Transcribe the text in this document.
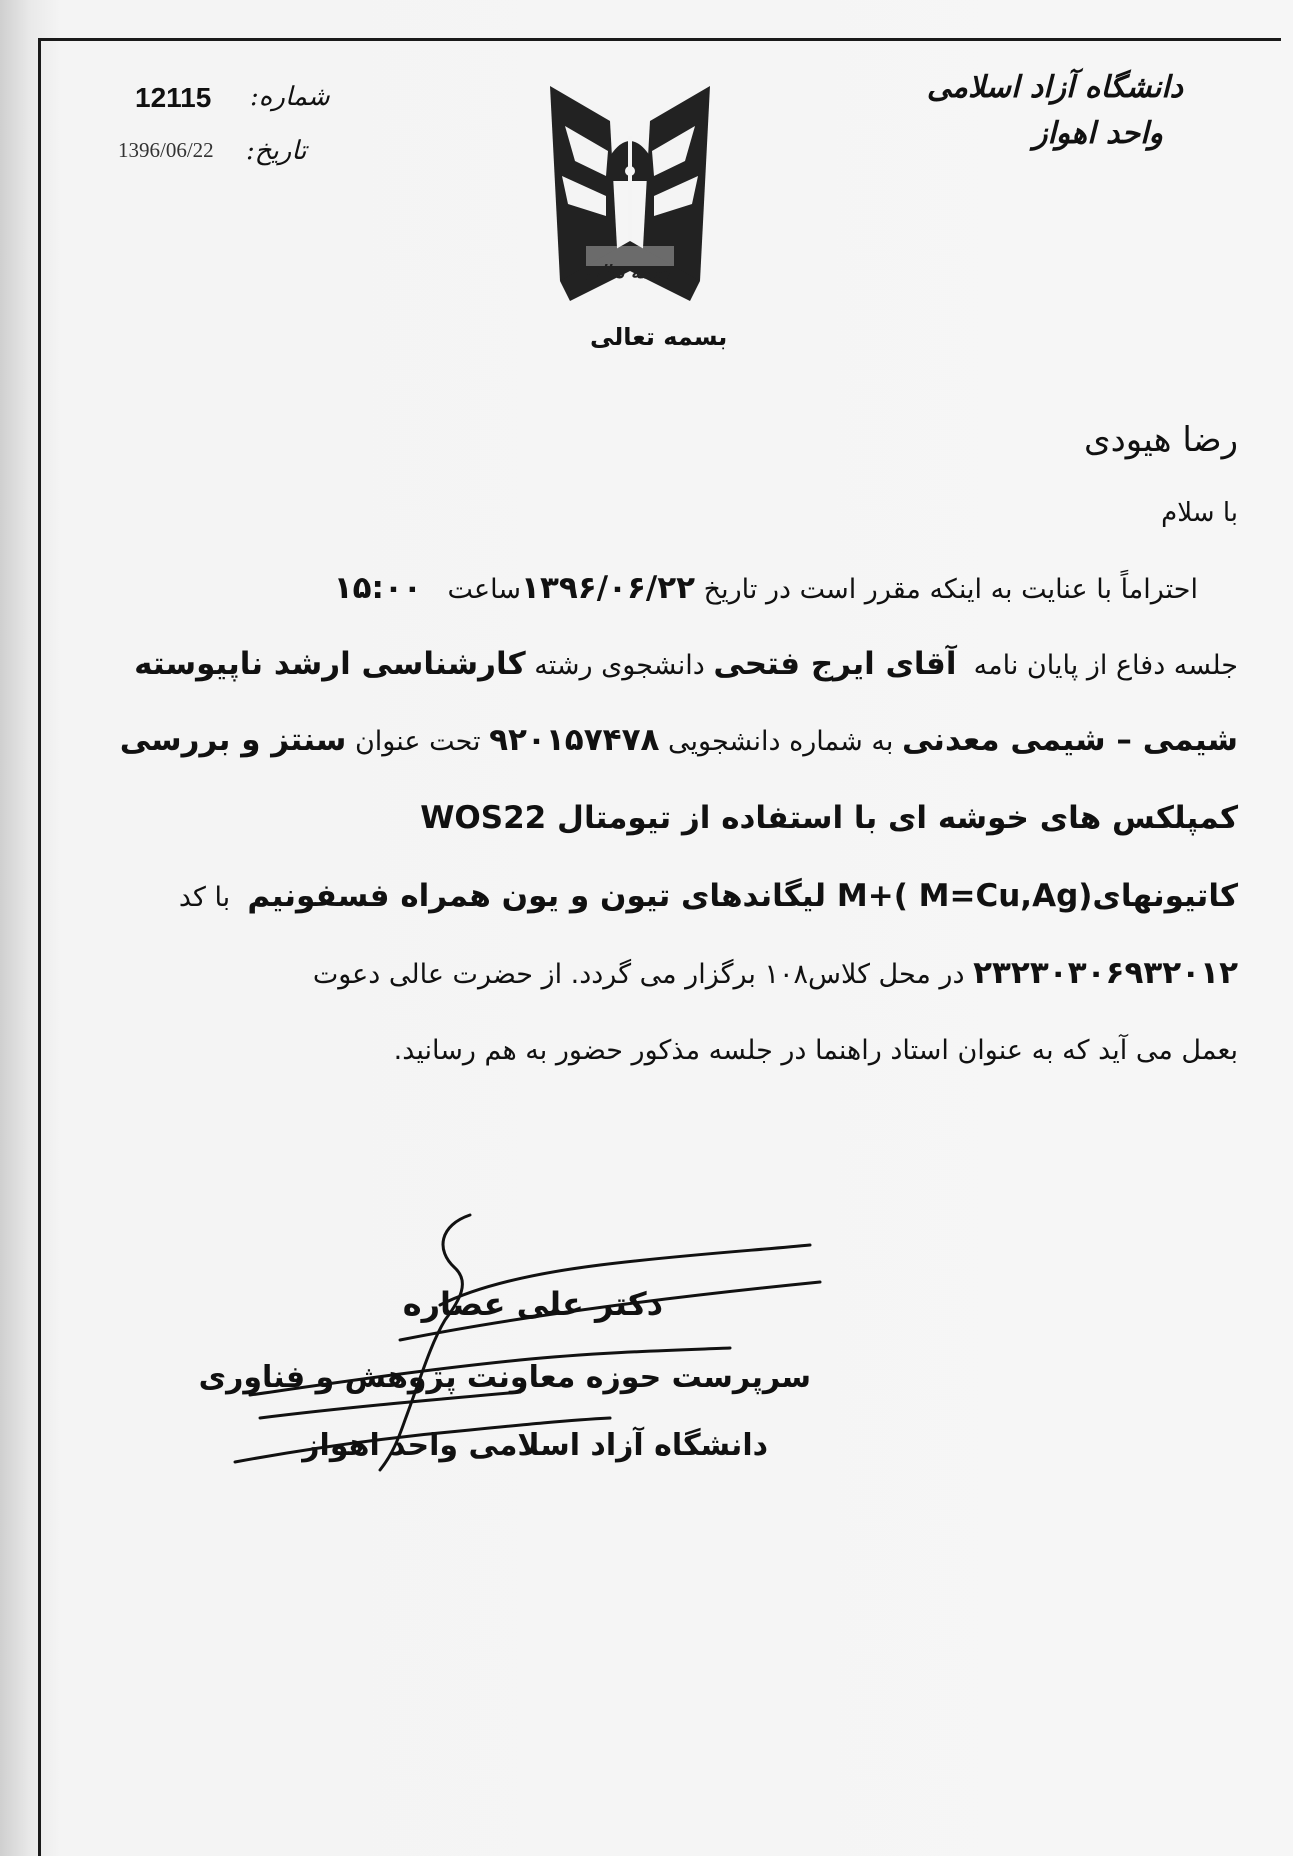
دانشگاه آزاد اسلامی
واحد اهواز
12115 شماره:
1396/06/22 تاریخ:
بسمه تعالی
بسمه تعالی
رضا هیودی
با سلام
احتراماً با عنایت به اینکه مقرر است در تاریخ ۱۳۹۶/۰۶/۲۲ساعت   ۱۵:۰۰
جلسه دفاع از پایان نامه  آقای ایرج فتحی دانشجوی رشته کارشناسی ارشد ناپیوسته
شیمی – شیمی معدنی به شماره دانشجویی ۹۲۰۱۵۷۴۷۸ تحت عنوان سنتز و بررسی
کمپلکس های خوشه ای با استفاده از تیومتال WOS22
کاتیونهای(M=Cu,Ag )+M لیگاندهای تیون و یون همراه فسفونیم  با کد
۲۳۲۳۰۳۰۶۹۳۲۰۱۲ در محل کلاس۱۰۸ برگزار می گردد. از حضرت عالی دعوت
بعمل می آید که به عنوان استاد راهنما در جلسه مذکور حضور به هم رسانید.
دکتر علی عصاره
سرپرست حوزه معاونت پژوهش و فناوری
دانشگاه آزاد اسلامی واحد اهواز
